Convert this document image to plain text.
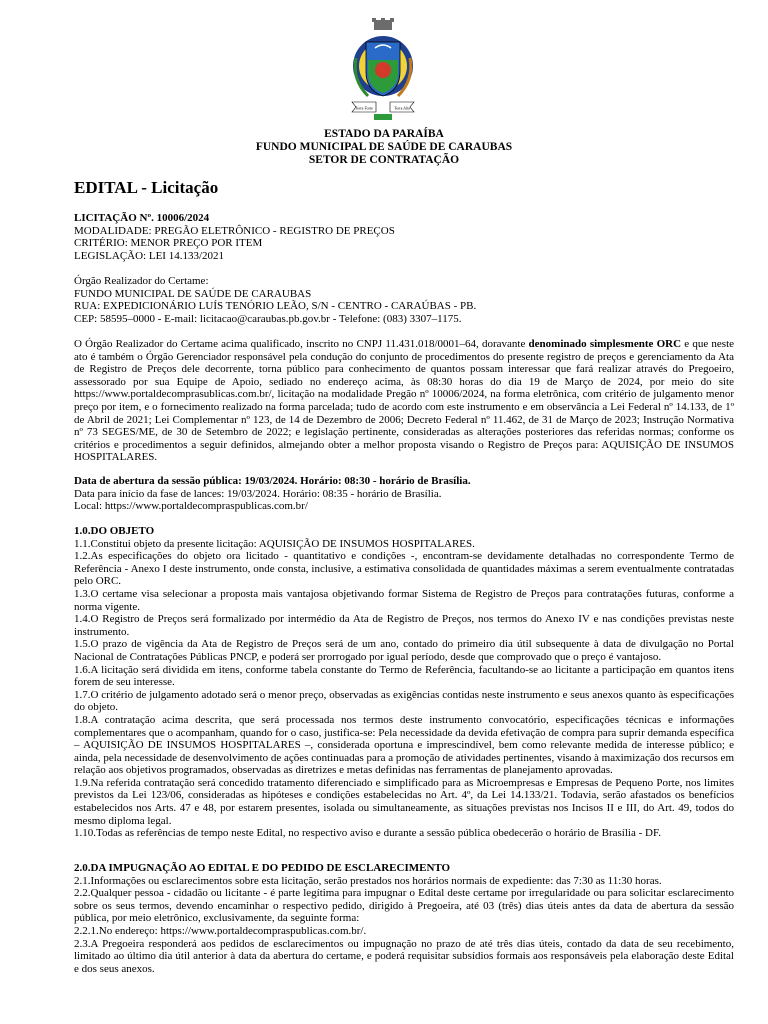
Terra Forte	Terra Alta
ESTADO DA PARAÍBA
FUNDO MUNICIPAL DE SAÚDE DE CARAUBAS
SETOR DE CONTRATAÇÃO
EDITAL - Licitação

LICITAÇÃO Nº. 10006/2024

MODALIDADE: PREGÃO ELETRÔNICO - REGISTRO DE PREÇOS

CRITÉRIO: MENOR PREÇO POR ITEM

LEGISLAÇÃO: LEI 14.133/2021

Órgão Realizador do Certame:

FUNDO MUNICIPAL DE SAÚDE DE CARAUBAS

RUA: EXPEDICIONÁRIO LUÍS TENÓRIO LEÃO, S/N - CENTRO - CARAÚBAS - PB.

CEP: 58595–0000 - E-mail: licitacao@caraubas.pb.gov.br - Telefone: (083) 3307–1175.

O Órgão Realizador do Certame acima qualificado, inscrito no CNPJ 11.431.018/0001–64, doravante denominado simplesmente ORC e que neste ato é também o Órgão Gerenciador responsável pela condução do conjunto de procedimentos do presente registro de preços e gerenciamento da Ata de Registro de Preços dele decorrente, torna público para conhecimento de quantos possam interessar que fará realizar através do Pregoeiro, assessorado por sua Equipe de Apoio, sediado no endereço acima, às 08:30 horas do dia 19 de Março de 2024, por meio do site https://www.portaldecomprasublicas.com.br/, licitação na modalidade Pregão nº 10006/2024, na forma eletrônica, com critério de julgamento menor preço por item, e o fornecimento realizado na forma parcelada; tudo de acordo com este instrumento e em observância a Lei Federal nº 14.133, de 1º de Abril de 2021; Lei Complementar nº 123, de 14 de Dezembro de 2006; Decreto Federal nº 11.462, de 31 de Março de 2023; Instrução Normativa nº 73 SEGES/ME, de 30 de Setembro de 2022; e legislação pertinente, consideradas as alterações posteriores das referidas normas; conforme os critérios e procedimentos a seguir definidos, almejando obter a melhor proposta visando o Registro de Preços para: AQUISIÇÃO DE INSUMOS HOSPITALARES.

Data de abertura da sessão pública: 19/03/2024. Horário: 08:30 - horário de Brasília.

Data para início da fase de lances: 19/03/2024. Horário: 08:35 - horário de Brasília.

Local: https://www.portaldecompraspublicas.com.br/

1.0.DO OBJETO

1.1.Constitui objeto da presente licitação: AQUISIÇÃO DE INSUMOS HOSPITALARES.

1.2.As especificações do objeto ora licitado - quantitativo e condições -, encontram-se devidamente detalhadas no correspondente Termo de Referência - Anexo I deste instrumento, onde consta, inclusive, a estimativa consolidada de quantidades máximas a serem eventualmente contratadas pelo ORC.

1.3.O certame visa selecionar a proposta mais vantajosa objetivando formar Sistema de Registro de Preços para contratações futuras, conforme a norma vigente.

1.4.O Registro de Preços será formalizado por intermédio da Ata de Registro de Preços, nos termos do Anexo IV e nas condições previstas neste instrumento.

1.5.O prazo de vigência da Ata de Registro de Preços será de um ano, contado do primeiro dia útil subsequente à data de divulgação no Portal Nacional de Contratações Públicas PNCP, e poderá ser prorrogado por igual período, desde que comprovado que o preço é vantajoso.

1.6.A licitação será dividida em itens, conforme tabela constante do Termo de Referência, facultando-se ao licitante a participação em quantos itens forem de seu interesse.

1.7.O critério de julgamento adotado será o menor preço, observadas as exigências contidas neste instrumento e seus anexos quanto às especificações do objeto.

1.8.A contratação acima descrita, que será processada nos termos deste instrumento convocatório, especificações técnicas e informações complementares que o acompanham, quando for o caso, justifica-se: Pela necessidade da devida efetivação de compra para suprir demanda específica – AQUISIÇÃO DE INSUMOS HOSPITALARES –, considerada oportuna e imprescindível, bem como relevante medida de interesse público; e ainda, pela necessidade de desenvolvimento de ações continuadas para a promoção de atividades pertinentes, visando à maximização dos recursos em relação aos objetivos programados, observadas as diretrizes e metas definidas nas ferramentas de planejamento aprovadas.

1.9.Na referida contratação será concedido tratamento diferenciado e simplificado para as Microempresas e Empresas de Pequeno Porte, nos limites previstos da Lei 123/06, consideradas as hipóteses e condições estabelecidas no Art. 4º, da Lei 14.133/21. Todavia, serão afastados os benefícios estabelecidos nos Arts. 47 e 48, por estarem presentes, isolada ou simultaneamente, as situações previstas nos Incisos II e III, do Art. 49, todos do mesmo diploma legal.

1.10.Todas as referências de tempo neste Edital, no respectivo aviso e durante a sessão pública obedecerão o horário de Brasília - DF.

2.0.DA IMPUGNAÇÃO AO EDITAL E DO PEDIDO DE ESCLARECIMENTO

2.1.Informações ou esclarecimentos sobre esta licitação, serão prestados nos horários normais de expediente: das 7:30 as 11:30 horas.

2.2.Qualquer pessoa - cidadão ou licitante - é parte legítima para impugnar o Edital deste certame por irregularidade ou para solicitar esclarecimento sobre os seus termos, devendo encaminhar o respectivo pedido, dirigido à Pregoeira, até 03 (três) dias úteis antes da data de abertura da sessão pública, por meio eletrônico, exclusivamente, da seguinte forma:

2.2.1.No endereço: https://www.portaldecompraspublicas.com.br/.

2.3.A Pregoeira responderá aos pedidos de esclarecimentos ou impugnação no prazo de até três dias úteis, contado da data de seu recebimento, limitado ao último dia útil anterior à data da abertura do certame, e poderá requisitar subsídios formais aos responsáveis pela elaboração deste Edital e dos seus anexos.
